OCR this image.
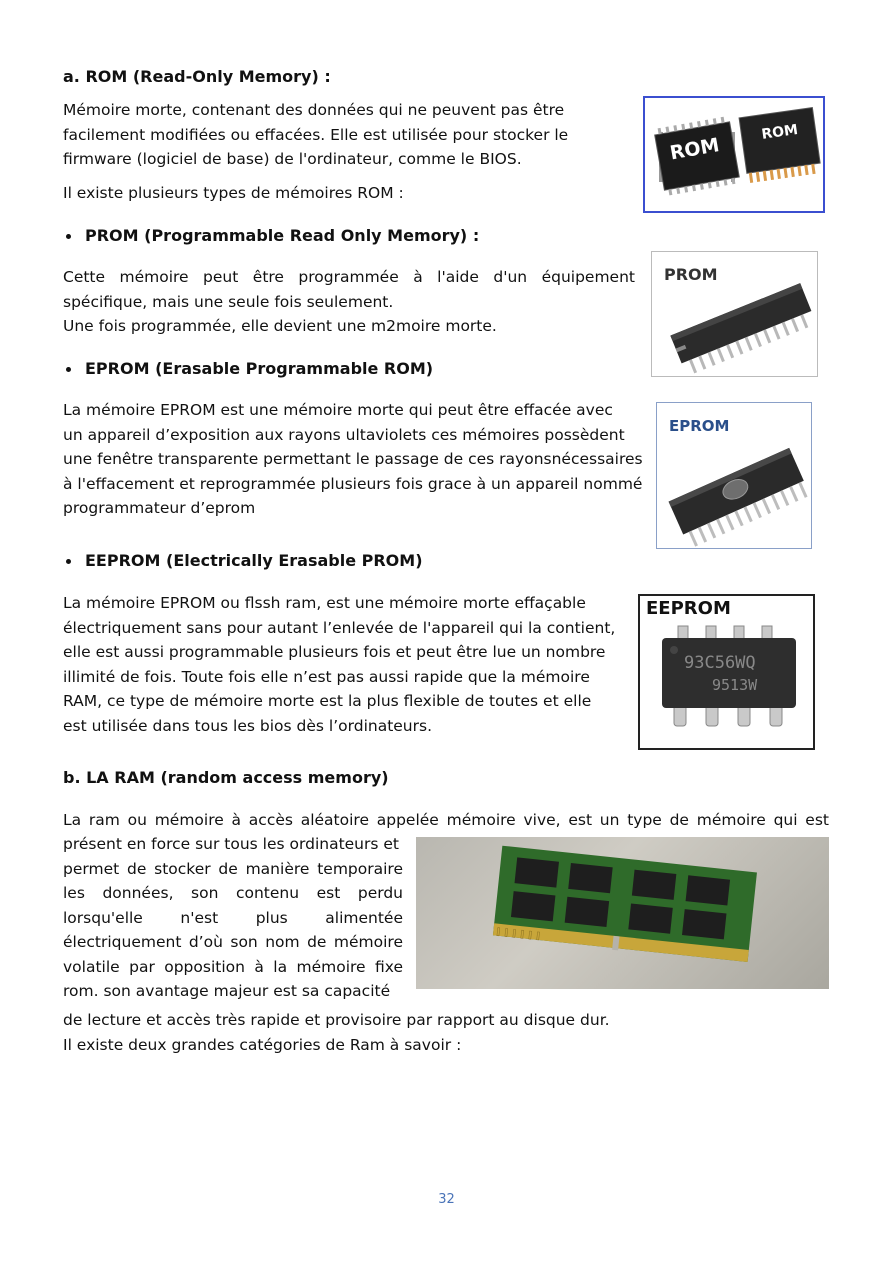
a. ROM (Read-Only Memory) :

Mémoire morte, contenant des données qui ne peuvent pas être
facilement modifiées ou effacées. Elle est utilisée pour stocker le
firmware (logiciel de base) de l'ordinateur, comme le BIOS.

Il existe plusieurs types de mémoires ROM :

ROM
ROM

PROM (Programmable Read Only Memory) :

Cette mémoire peut être programmée à l'aide d'un équipement
spécifique, mais une seule fois seulement.
Une fois programmée, elle devient une m2moire morte.
PROM

EPROM (Erasable Programmable ROM)

La mémoire EPROM est une mémoire morte qui peut être effacée avec
un appareil d’exposition aux rayons ultaviolets ces mémoires possèdent
une fenêtre transparente permettant le passage de ces rayonsnécessaires
à l'effacement et reprogrammée plusieurs fois grace à un appareil nommé
programmateur d’eprom
EPROM

EEPROM (Electrically Erasable PROM)

La mémoire EPROM ou flssh ram, est une mémoire morte effaçable
électriquement sans pour autant l’enlevée de l'appareil qui la contient,
elle est aussi programmable plusieurs fois et peut être lue un nombre
illimité de fois. Toute fois elle n’est pas aussi rapide que la mémoire
RAM, ce type de mémoire morte est la plus flexible de toutes et elle
est utilisée dans tous les bios dès l’ordinateurs.
EEPROM
93C56WQ
9513W

b. LA RAM (random access memory)

La ram ou mémoire à accès aléatoire appelée mémoire vive, est un type de mémoire qui est

présent en force sur tous les ordinateurs et
permet de stocker de manière temporaire
les données, son contenu est perdu
lorsqu'elle n'est plus alimentée
électriquement d’où son nom de mémoire
volatile par opposition à la mémoire fixe
rom. son avantage majeur est sa capacité
de lecture et accès très rapide et provisoire par rapport au disque dur.
Il existe deux grandes catégories de Ram à savoir :
32
